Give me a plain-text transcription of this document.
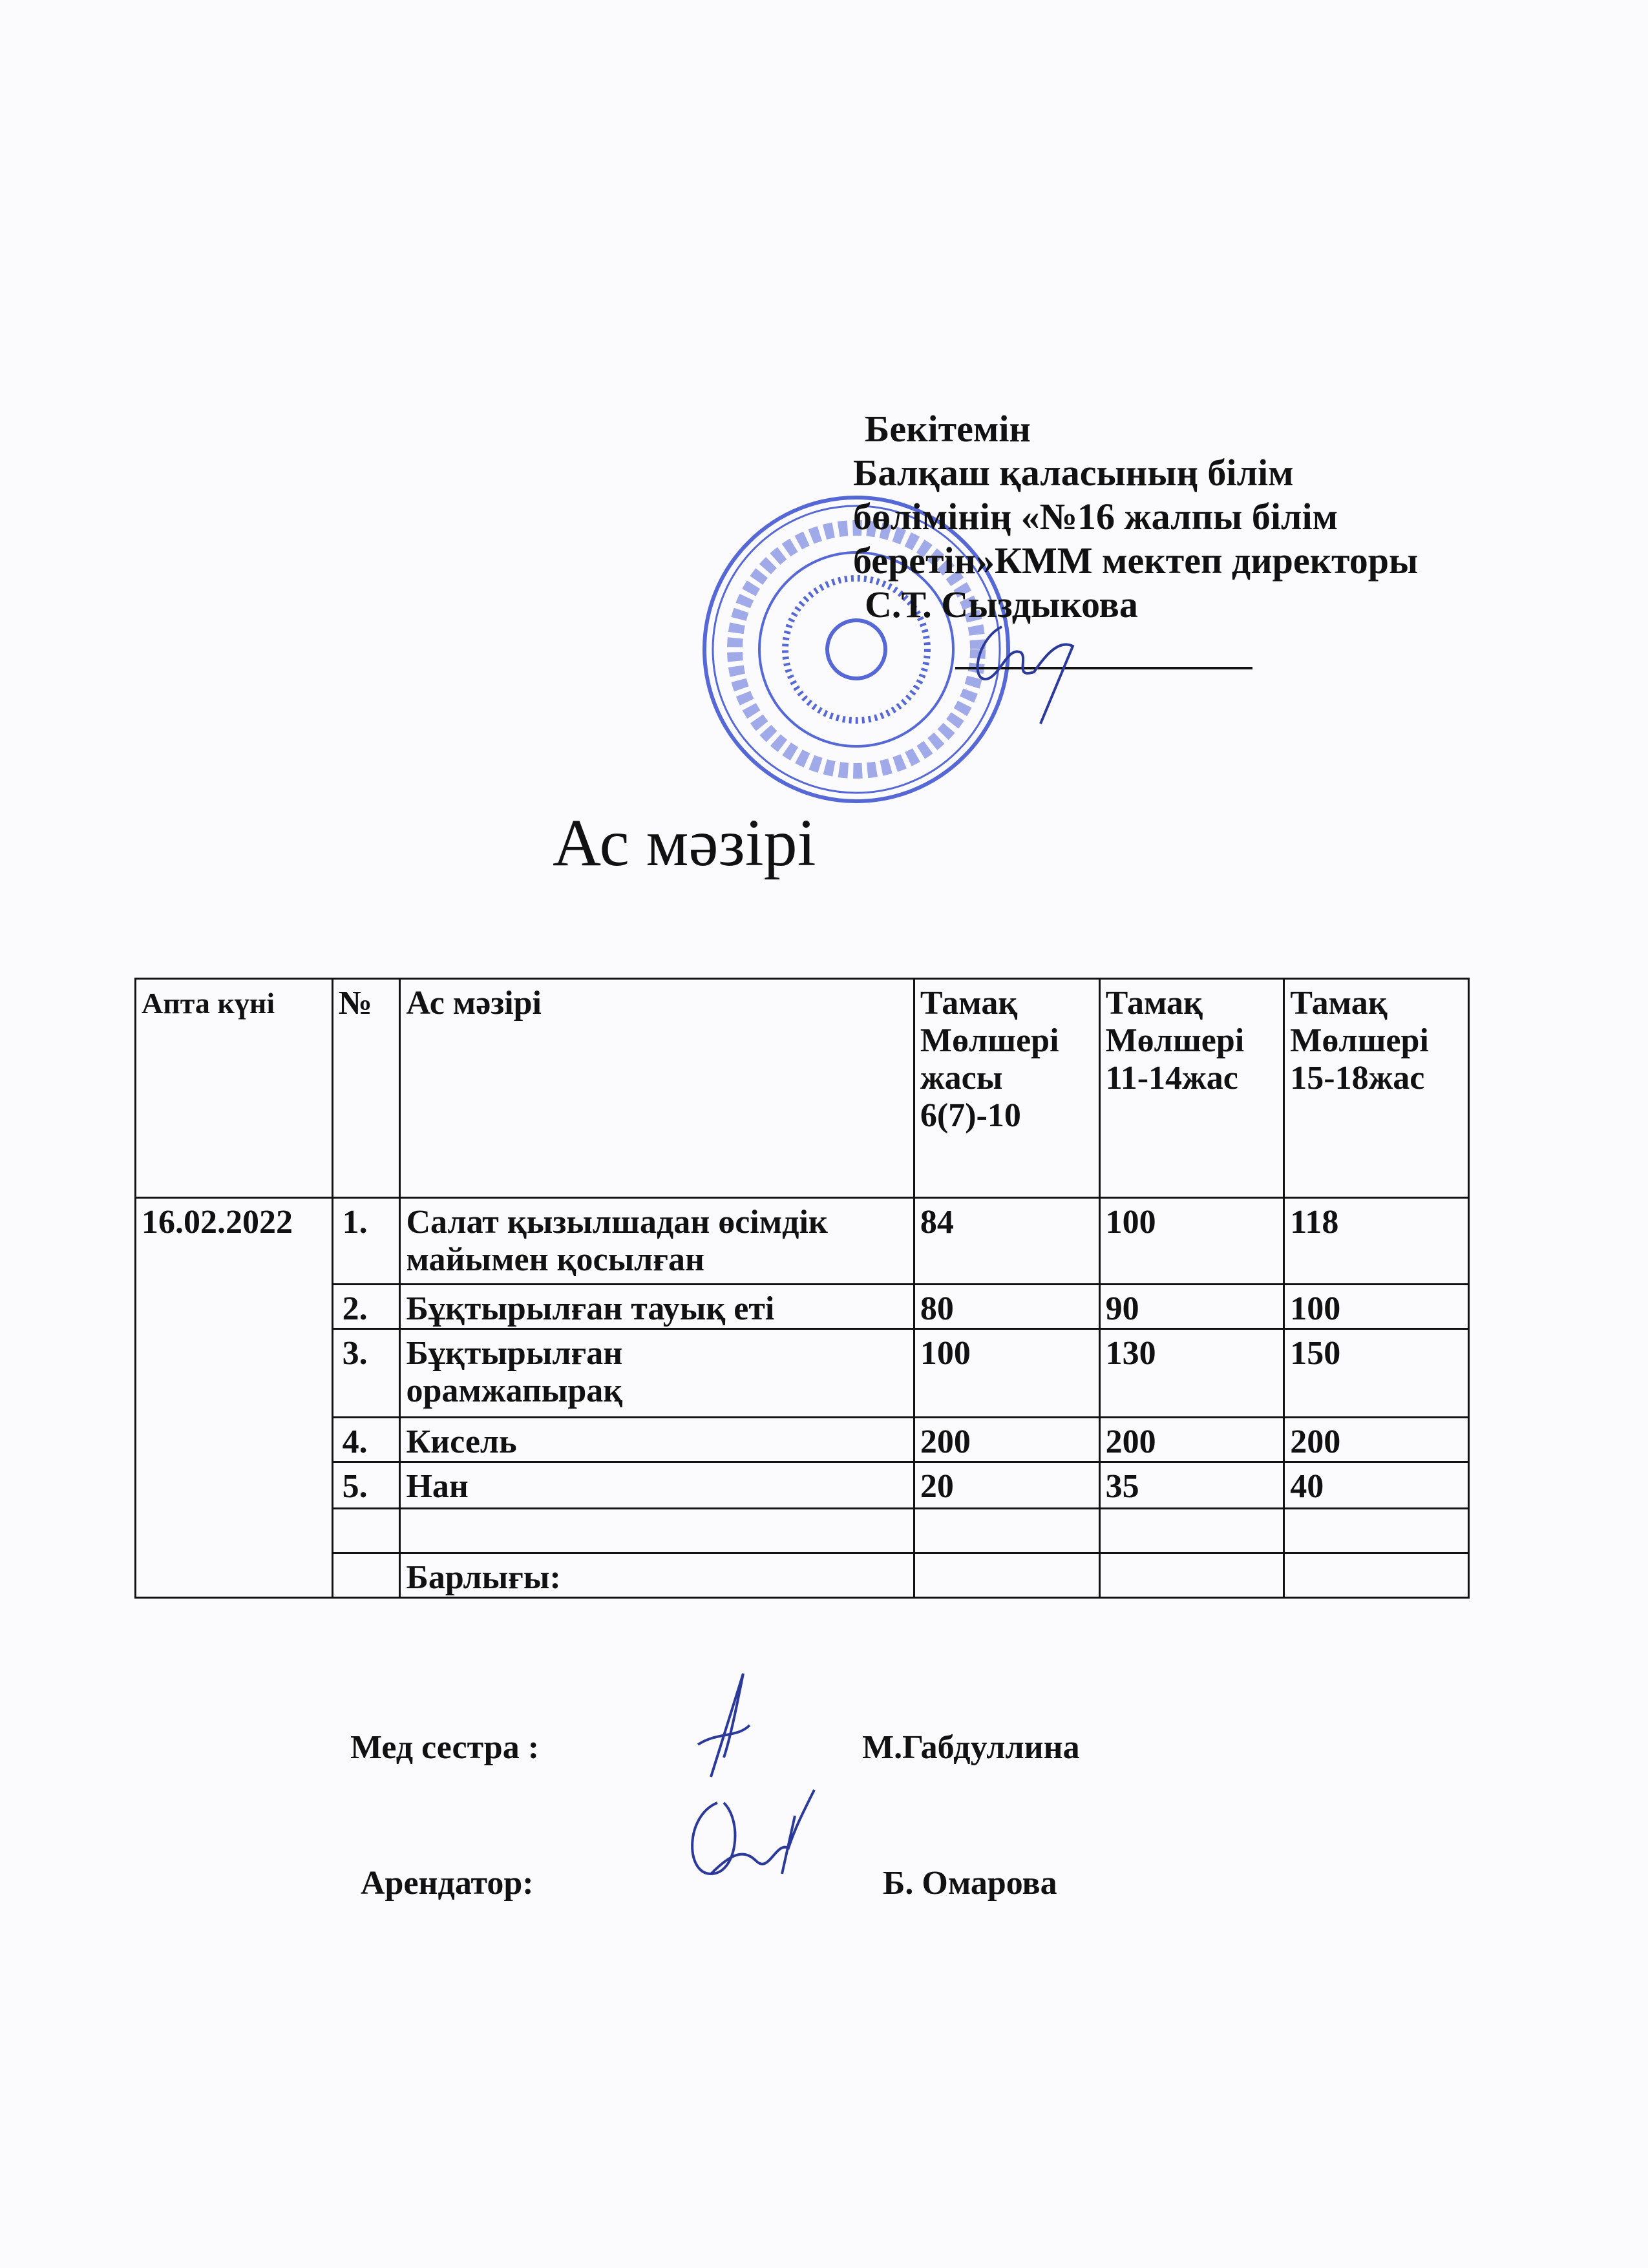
Бекітемін
Балқаш қаласының білім
бөлімінің «№16 жалпы білім
беретін»КММ мектеп директоры
С.Т. Сыздыкова
Ас мәзірі
Апта күні	№	Ас мәзірі	Тамақ Мөлшері жасы 6(7)-10	Тамақ Мөлшері 11-14жас	Тамақ Мөлшері 15-18жас
16.02.2022	1.	Салат қызылшадан өсімдік майымен қосылған	84	100	118
	2.	Бұқтырылған тауық еті	80	90	100
	3.	Бұқтырылған орамжапырақ	100	130	150
	4.	Кисель	200	200	200
	5.	Нан	20	35	40

		Барлығы:			
Мед сестра :	М.Габдуллина
Арендатор:	Б. Омарова
